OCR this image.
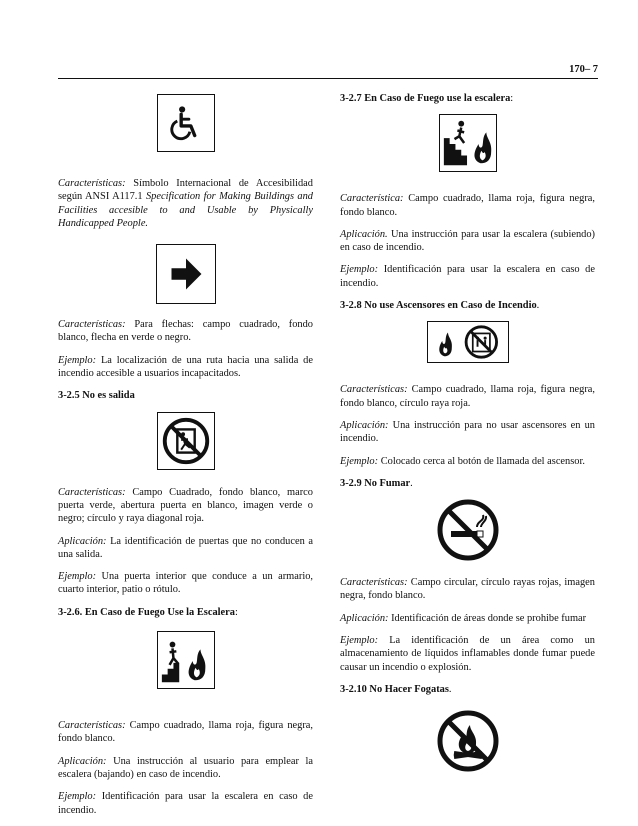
170– 7

Características: Símbolo Internacional de Accesibilidad según ANSI A117.1 Specification for Making Buildings and Facilities accesible to and Usable by Physically Handicapped People.

Características: Para flechas: campo cuadrado, fondo blanco, flecha en verde o negro.

Ejemplo: La localización de una ruta hacia una salida de incendio accesible a usuarios incapacitados.

3-2.5 No es salida

Características: Campo Cuadrado, fondo blanco, marco puerta verde, abertura puerta en blanco, imagen verde o negro; círculo y raya diagonal roja.

Aplicación: La identificación de puertas que no conducen a una salida.

Ejemplo: Una puerta interior que conduce a un armario, cuarto interior, patio o rótulo.

3-2.6. En Caso de Fuego Use la Escalera:

Características: Campo cuadrado, llama roja, figura negra, fondo blanco.

Aplicación: Una instrucción al usuario para emplear la escalera (bajando) en caso de incendio.

Ejemplo: Identificación para usar la escalera en caso de incendio.

3-2.7 En Caso de Fuego use la escalera:

Característica: Campo cuadrado, llama roja, figura negra, fondo blanco.

Aplicación. Una instrucción para usar la escalera (subiendo) en caso de incendio.

Ejemplo: Identificación para usar la escalera en caso de incendio.

3-2.8 No use Ascensores en Caso de Incendio.

Características: Campo cuadrado, llama roja, figura negra, fondo blanco, círculo raya roja.

Aplicación: Una instrucción para no usar ascensores en un incendio.

Ejemplo: Colocado cerca al botón de llamada del ascensor.

3-2.9 No Fumar.

Características: Campo circular, círculo rayas rojas, imagen negra, fondo blanco.

Aplicación: Identificación de áreas donde se prohibe fumar

Ejemplo: La identificación de un área como un almacenamiento de líquidos inflamables donde fumar puede causar un incendio o explosión.

3-2.10 No Hacer Fogatas.
